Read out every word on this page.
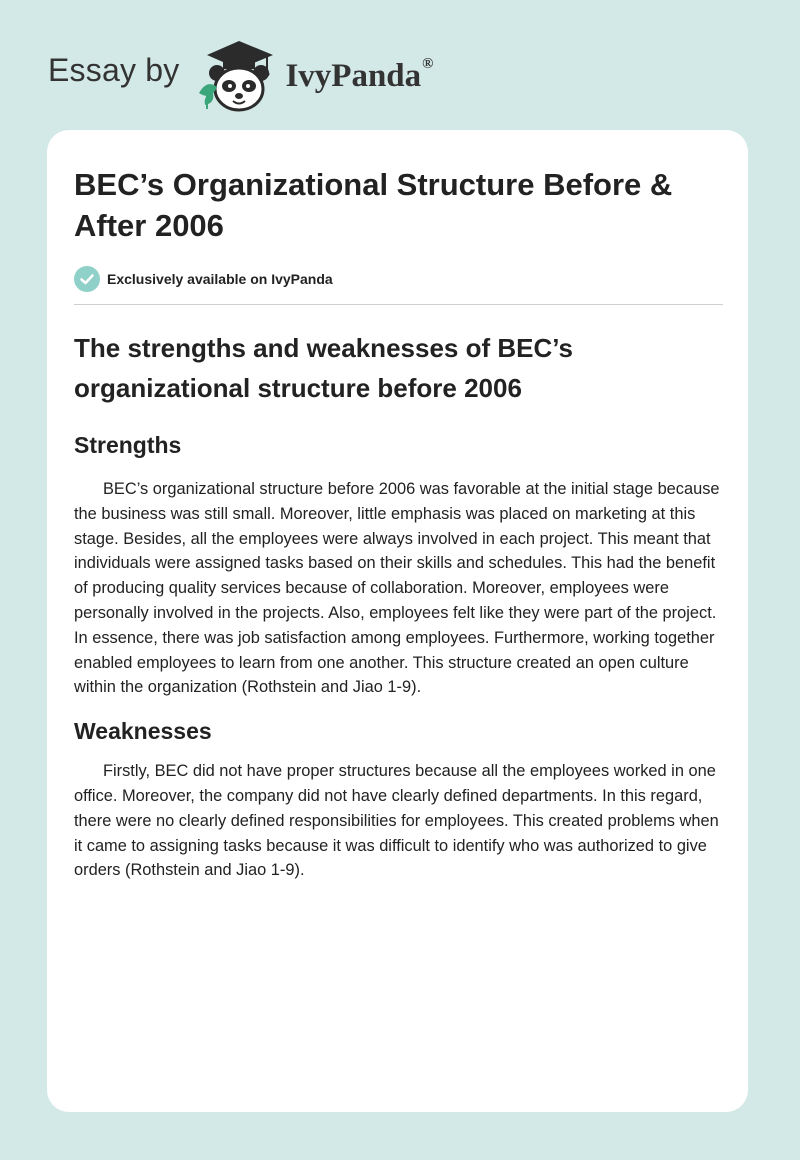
Essay by	IvyPanda®
BEC’s Organizational Structure Before & After 2006
Exclusively available on IvyPanda
The strengths and weaknesses of BEC’s organizational structure before 2006
Strengths

BEC’s organizational structure before 2006 was favorable at the initial stage because the business was still small. Moreover, little emphasis was placed on marketing at this stage. Besides, all the employees were always involved in each project. This meant that individuals were assigned tasks based on their skills and schedules. This had the benefit of producing quality services because of collaboration. Moreover, employees were personally involved in the projects. Also, employees felt like they were part of the project. In essence, there was job satisfaction among employees. Furthermore, working together enabled employees to learn from one another. This structure created an open culture within the organization (Rothstein and Jiao 1-9).

Weaknesses

Firstly, BEC did not have proper structures because all the employees worked in one office. Moreover, the company did not have clearly defined departments. In this regard, there were no clearly defined responsibilities for employees. This created problems when it came to assigning tasks because it was difficult to identify who was authorized to give orders (Rothstein and Jiao 1-9).
